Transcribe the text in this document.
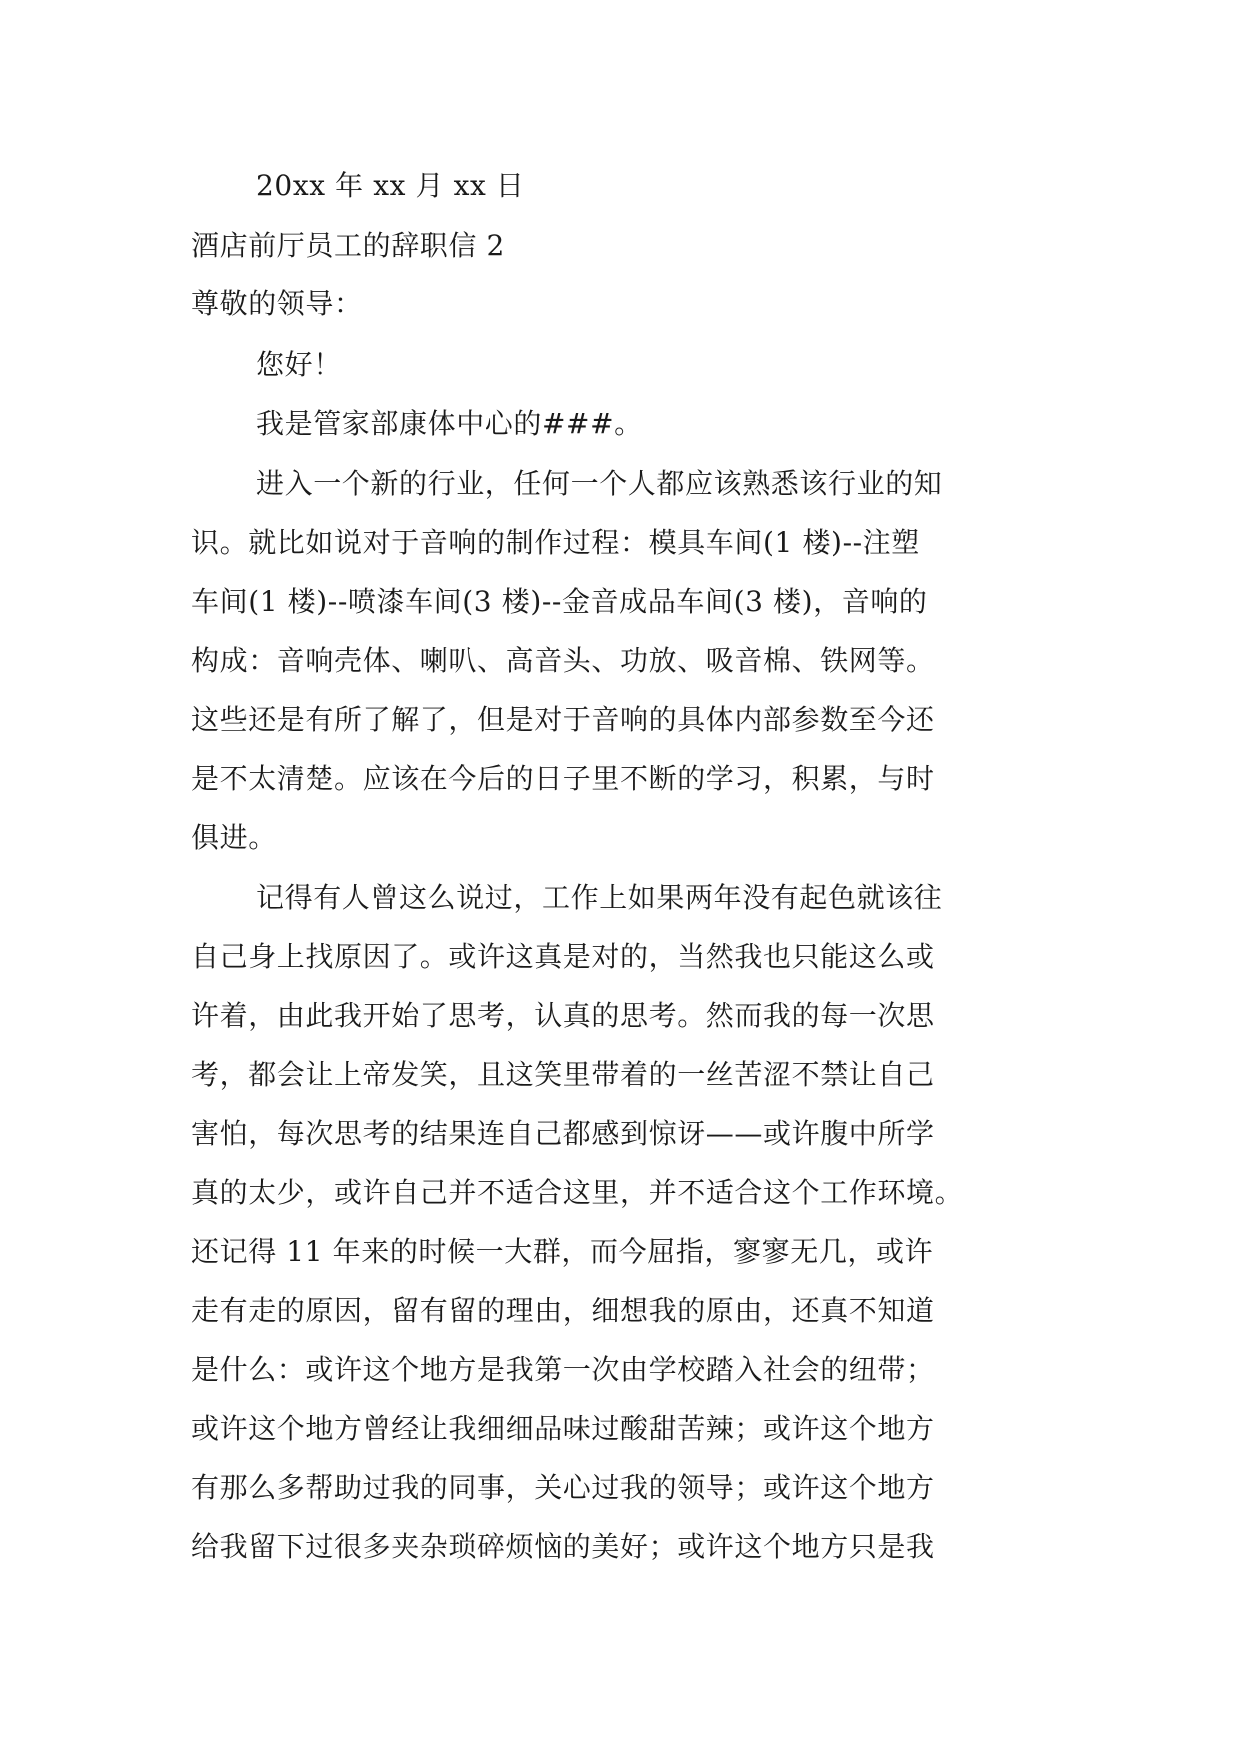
20xx 年 xx 月 xx 日
酒店前厅员工的辞职信 2
尊敬的领导：
您好！
我是管家部康体中心的###。
进入一个新的行业，任何一个人都应该熟悉该行业的知
识。就比如说对于音响的制作过程：模具车间(1 楼)--注塑
车间(1 楼)--喷漆车间(3 楼)--金音成品车间(3 楼)，音响的
构成：音响壳体、喇叭、高音头、功放、吸音棉、铁网等。
这些还是有所了解了，但是对于音响的具体内部参数至今还
是不太清楚。应该在今后的日子里不断的学习，积累，与时
俱进。
记得有人曾这么说过，工作上如果两年没有起色就该往
自己身上找原因了。或许这真是对的，当然我也只能这么或
许着，由此我开始了思考，认真的思考。然而我的每一次思
考，都会让上帝发笑，且这笑里带着的一丝苦涩不禁让自己
害怕，每次思考的结果连自己都感到惊讶——或许腹中所学
真的太少，或许自己并不适合这里，并不适合这个工作环境。
还记得 11 年来的时候一大群，而今屈指，寥寥无几，或许
走有走的原因，留有留的理由，细想我的原由，还真不知道
是什么：或许这个地方是我第一次由学校踏入社会的纽带；
或许这个地方曾经让我细细品味过酸甜苦辣；或许这个地方
有那么多帮助过我的同事，关心过我的领导；或许这个地方
给我留下过很多夹杂琐碎烦恼的美好；或许这个地方只是我
